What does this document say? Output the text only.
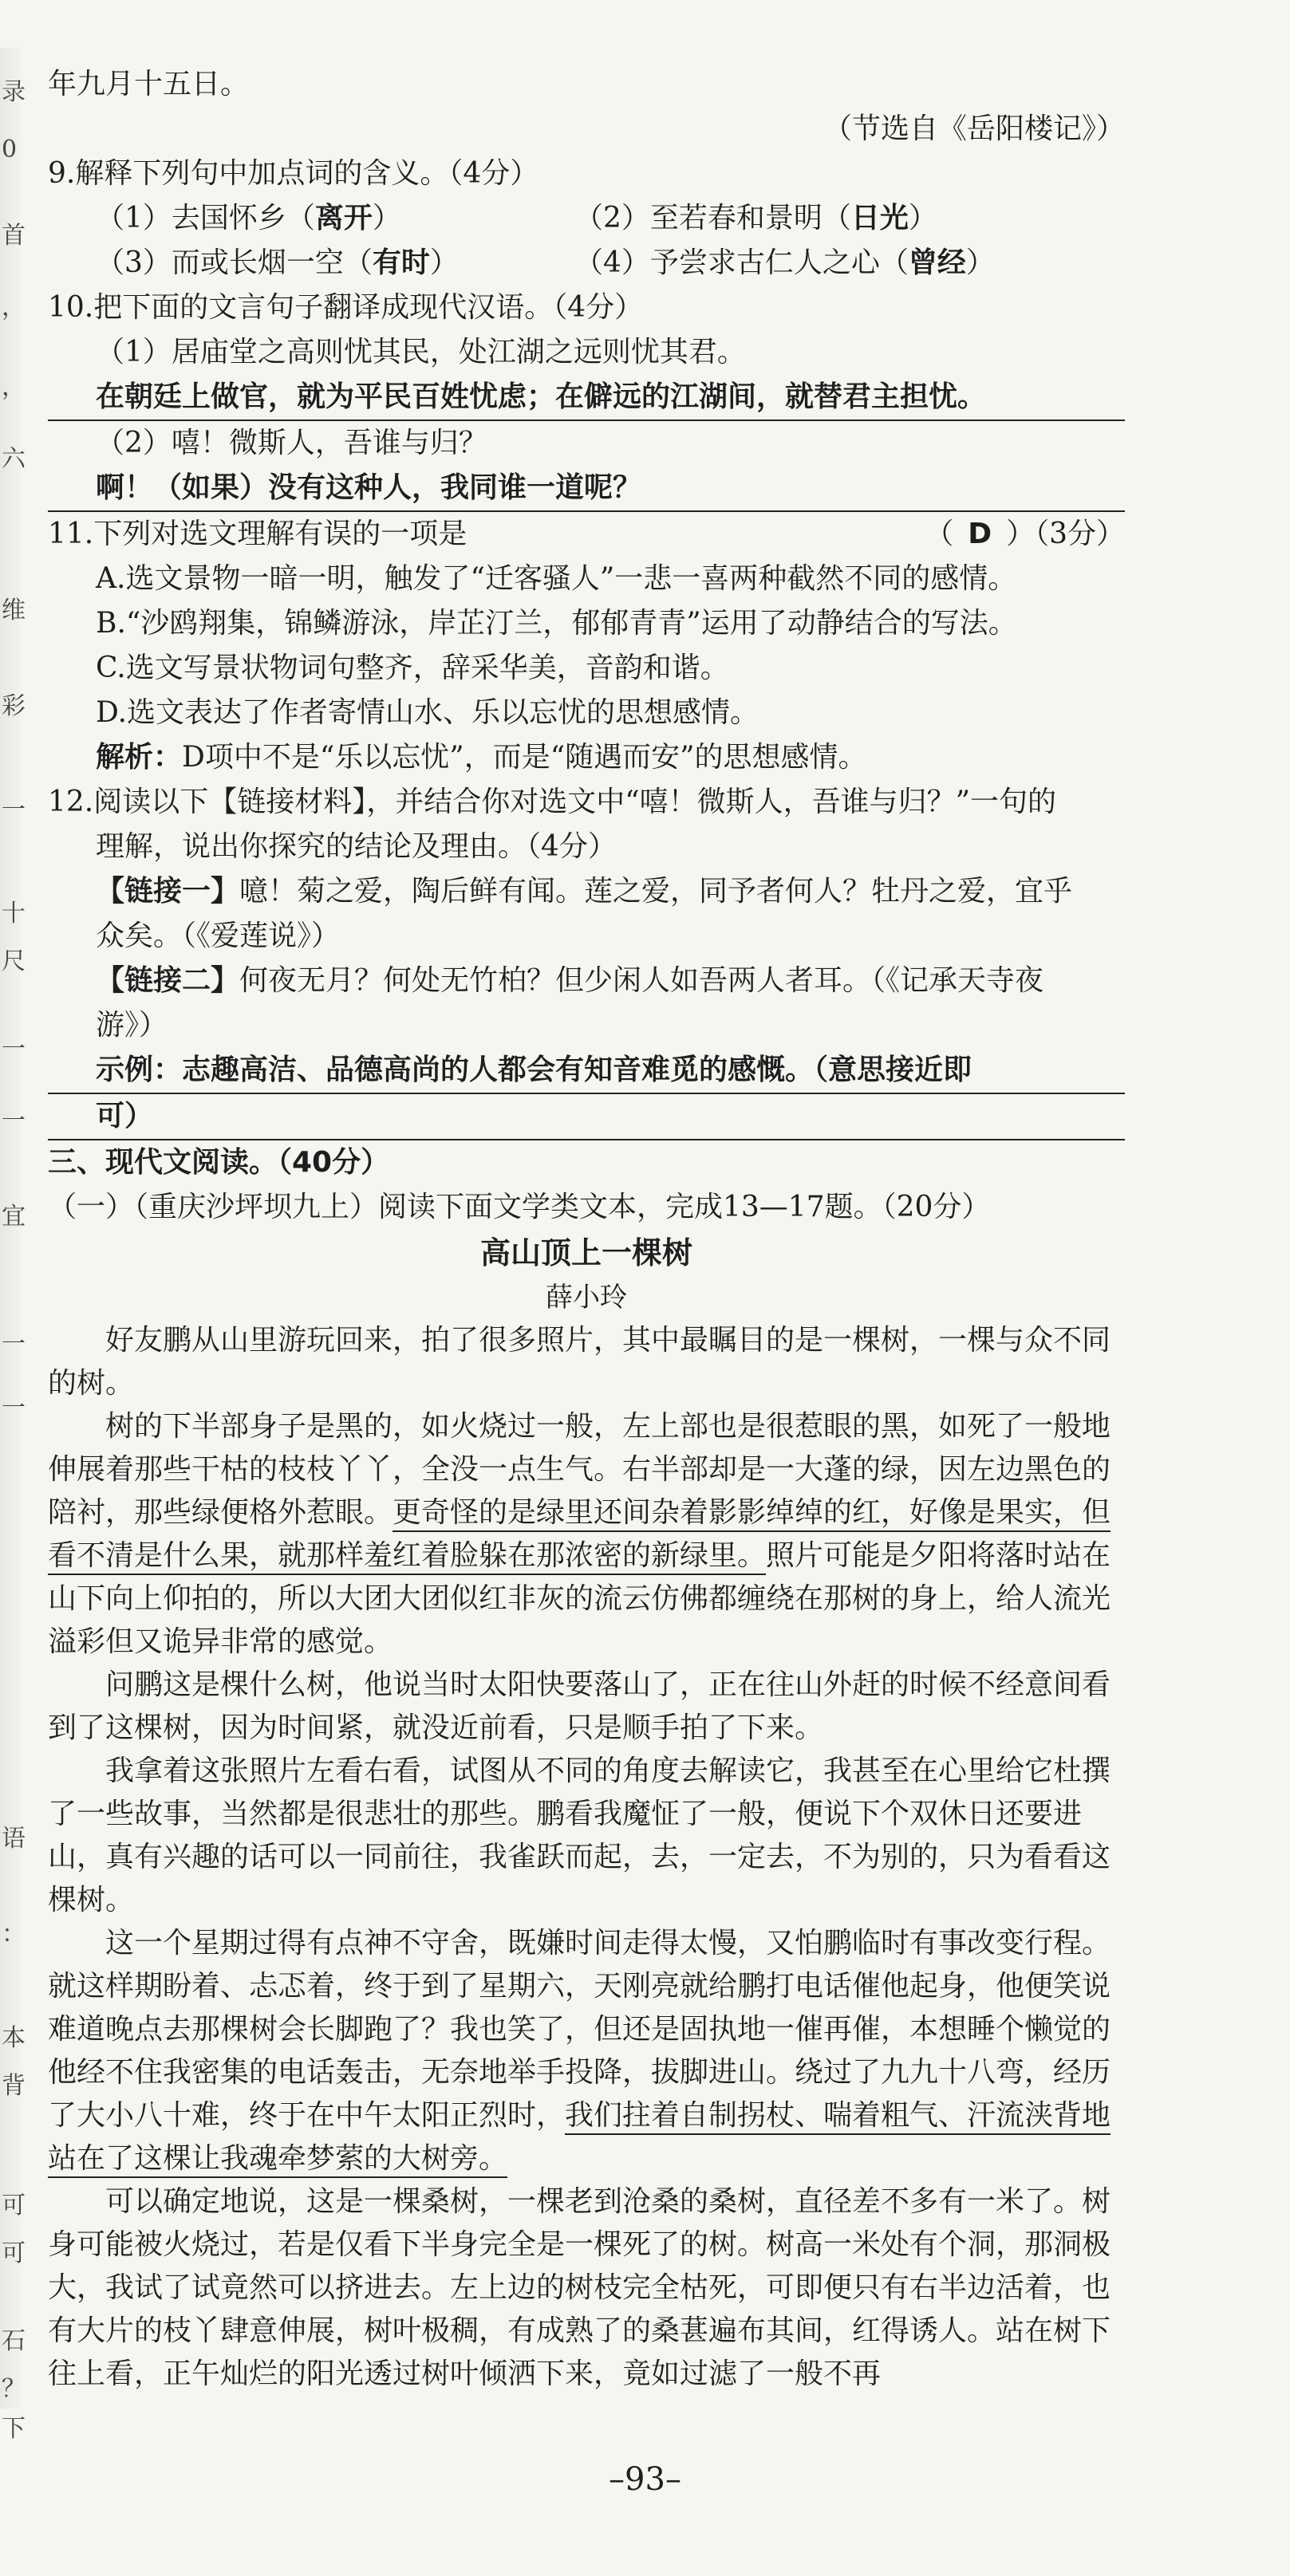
录
0
首
，
，
六
维
彩
一
十
尺
一
一
宜
一
一
语
：
本
背
可
可
石
？
下
年九月十五日。
（节选自《岳阳楼记》）
9.解释下列句中加点词的含义。（4分）
（1）去国怀乡（离开）	（2）至若春和景明（日光）
（3）而或长烟一空（有时）	（4）予尝求古仁人之心（曾经）
10.把下面的文言句子翻译成现代汉语。（4分）
（1）居庙堂之高则忧其民，处江湖之远则忧其君。
在朝廷上做官，就为平民百姓忧虑；在僻远的江湖间，就替君主担忧。
（2）嘻！微斯人，吾谁与归？
啊！（如果）没有这种人，我同谁一道呢？
11.下列对选文理解有误的一项是	（ D ）（3分）
A.选文景物一暗一明，触发了“迁客骚人”一悲一喜两种截然不同的感情。
B.“沙鸥翔集，锦鳞游泳，岸芷汀兰，郁郁青青”运用了动静结合的写法。
C.选文写景状物词句整齐，辞采华美，音韵和谐。
D.选文表达了作者寄情山水、乐以忘忧的思想感情。
解析：D项中不是“乐以忘忧”，而是“随遇而安”的思想感情。
12.阅读以下【链接材料】，并结合你对选文中“嘻！微斯人，吾谁与归？”一句的
理解，说出你探究的结论及理由。（4分）
【链接一】噫！菊之爱，陶后鲜有闻。莲之爱，同予者何人？牡丹之爱，宜乎
众矣。（《爱莲说》）
【链接二】何夜无月？何处无竹柏？但少闲人如吾两人者耳。（《记承天寺夜
游》）
示例：志趣高洁、品德高尚的人都会有知音难觅的感慨。（意思接近即
可）
三、现代文阅读。（40分）
（一）（重庆沙坪坝九上）阅读下面文学类文本，完成13—17题。（20分）
高山顶上一棵树
薛小玲

好友鹏从山里游玩回来，拍了很多照片，其中最瞩目的是一棵树，一棵与众不同的树。

树的下半部身子是黑的，如火烧过一般，左上部也是很惹眼的黑，如死了一般地伸展着那些干枯的枝枝丫丫，全没一点生气。右半部却是一大蓬的绿，因左边黑色的陪衬，那些绿便格外惹眼。更奇怪的是绿里还间杂着影影绰绰的红，好像是果实，但看不清是什么果，就那样羞红着脸躲在那浓密的新绿里。照片可能是夕阳将落时站在山下向上仰拍的，所以大团大团似红非灰的流云仿佛都缠绕在那树的身上，给人流光溢彩但又诡异非常的感觉。

问鹏这是棵什么树，他说当时太阳快要落山了，正在往山外赶的时候不经意间看到了这棵树，因为时间紧，就没近前看，只是顺手拍了下来。

我拿着这张照片左看右看，试图从不同的角度去解读它，我甚至在心里给它杜撰了一些故事，当然都是很悲壮的那些。鹏看我魔怔了一般，便说下个双休日还要进山，真有兴趣的话可以一同前往，我雀跃而起，去，一定去，不为别的，只为看看这棵树。

这一个星期过得有点神不守舍，既嫌时间走得太慢，又怕鹏临时有事改变行程。就这样期盼着、忐忑着，终于到了星期六，天刚亮就给鹏打电话催他起身，他便笑说难道晚点去那棵树会长脚跑了？我也笑了，但还是固执地一催再催，本想睡个懒觉的他经不住我密集的电话轰击，无奈地举手投降，拔脚进山。绕过了九九十八弯，经历了大小八十难，终于在中午太阳正烈时，我们拄着自制拐杖、喘着粗气、汗流浃背地站在了这棵让我魂牵梦萦的大树旁。

可以确定地说，这是一棵桑树，一棵老到沧桑的桑树，直径差不多有一米了。树身可能被火烧过，若是仅看下半身完全是一棵死了的树。树高一米处有个洞，那洞极大，我试了试竟然可以挤进去。左上边的树枝完全枯死，可即便只有右半边活着，也有大片的枝丫肆意伸展，树叶极稠，有成熟了的桑葚遍布其间，红得诱人。站在树下往上看，正午灿烂的阳光透过树叶倾洒下来，竟如过滤了一般不再

–93–
